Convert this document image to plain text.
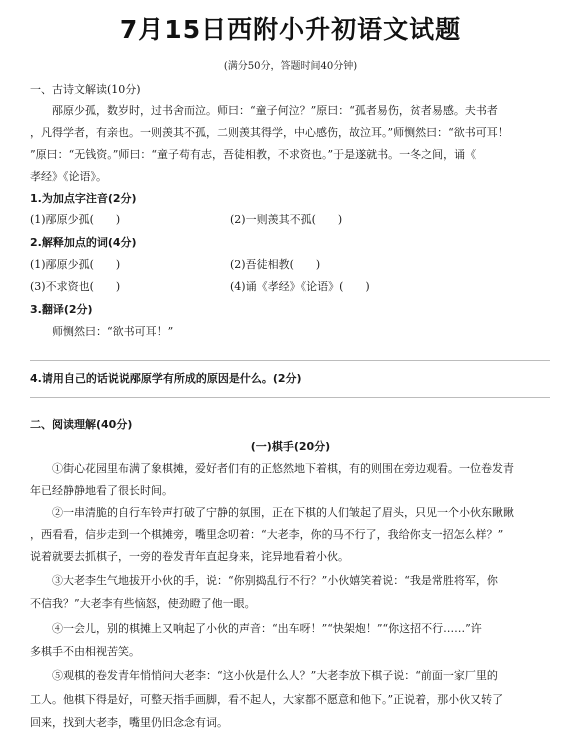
7月15日西附小升初语文试题
(满分50分，答题时间40分钟)
一、古诗文解读(10分)
　　邴原少孤，数岁时，过书舍而泣。师曰：“童子何泣？”原曰：“孤者易伤，贫者易感。夫书者
，凡得学者，有亲也。一则羡其不孤，二则羡其得学，中心感伤，故泣耳。”师恻然曰：“欲书可耳！
”原曰：“无钱资。”师曰：“童子苟有志，吾徒相教，不求资也。”于是遂就书。一冬之间，诵《
孝经》《论语》。
1.为加点字注音(2分)
(1)邴原少孤(　　)	(2)一则羡其不孤(　　)
2.解释加点的词(4分)
(1)邴原少孤(　　)	(2)吾徒相教(　　)
(3)不求资也(　　)	(4)诵《孝经》《论语》(　　)
3.翻译(2分)
　　师恻然曰：“欲书可耳！”
4.请用自己的话说说邴原学有所成的原因是什么。(2分)
二、阅读理解(40分)
(一)棋手(20分)
　　①街心花园里布满了象棋摊，爱好者们有的正悠然地下着棋，有的则围在旁边观看。一位卷发青
年已经静静地看了很长时间。
　　②一串清脆的自行车铃声打破了宁静的氛围，正在下棋的人们皱起了眉头，只见一个小伙东瞅瞅
，西看看，信步走到一个棋摊旁，嘴里念叨着：“大老李，你的马不行了，我给你支一招怎么样？”
说着就要去抓棋子，一旁的卷发青年直起身来，诧异地看着小伙。
　　③大老李生气地拔开小伙的手，说：“你别捣乱行不行？”小伙嬉笑着说：“我是常胜将军，你
不信我？”大老李有些恼怒，使劲瞪了他一眼。
　　④一会儿，别的棋摊上又响起了小伙的声音：“出车呀！”“快架炮！”“你这招不行……”许
多棋手不由相视苦笑。
　　⑤观棋的卷发青年悄悄问大老李：“这小伙是什么人？”大老李放下棋子说：“前面一家厂里的
工人。他棋下得是好，可整天指手画脚，看不起人，大家都不愿意和他下。”正说着，那小伙又转了
回来，找到大老李，嘴里仍旧念念有词。
